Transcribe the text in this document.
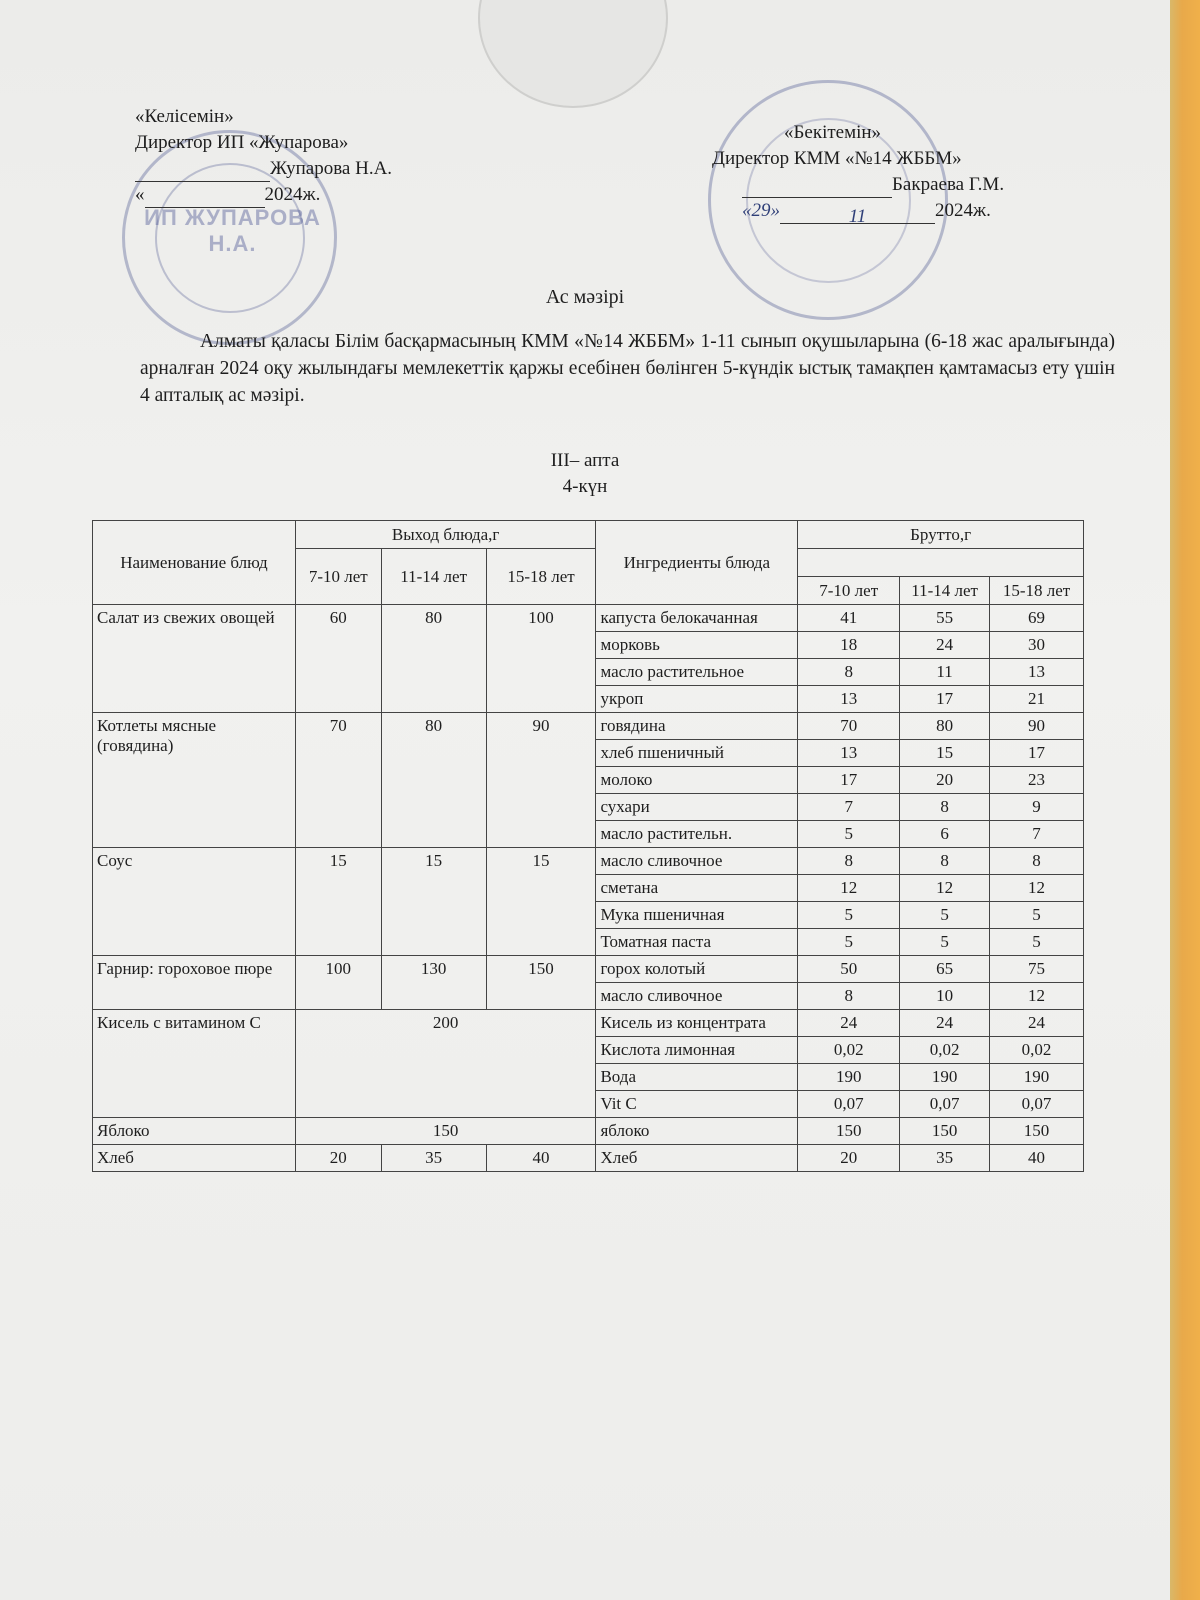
ИП ЖУПАРОВА Н.А.
«Келісемін»
Директор ИП «Жупарова»
Жупарова Н.А.
«	2024ж.
«Бекітемін»
Директор КММ «№14 ЖББМ»
Бакраева Г.М.
«29»	11	2024ж.
Ас мәзірі
Алматы қаласы Білім басқармасының КММ «№14 ЖББМ» 1-11 сынып оқушыларына (6-18 жас аралығында) арналған 2024 оқу жылындағы мемлекеттік қаржы есебінен бөлінген 5-күндік ыстық тамақпен қамтамасыз ету үшін 4 апталық ас мәзірі.
III– апта
4-күн
Наименование блюд	Выход блюда,г			Ингредиенты блюда	Брутто,г		
	7-10 лет	11-14 лет	15-18 лет				
					7-10 лет	11-14 лет	15-18 лет
Салат из свежих овощей	60	80	100	капуста белокачанная	41	55	69
				морковь	18	24	30
				масло растительное	8	11	13
				укроп	13	17	21
Котлеты мясные (говядина)	70	80	90	говядина	70	80	90
				хлеб пшеничный	13	15	17
				молоко	17	20	23
				сухари	7	8	9
				масло растительн.	5	6	7
Соус	15	15	15	масло сливочное	8	8	8
				сметана	12	12	12
				Мука пшеничная	5	5	5
				Томатная паста	5	5	5
Гарнир: гороховое пюре	100	130	150	горох колотый	50	65	75
				масло сливочное	8	10	12
Кисель с витамином С	200			Кисель из концентрата	24	24	24
				Кислота лимонная	0,02	0,02	0,02
				Вода	190	190	190
				Vit C	0,07	0,07	0,07
Яблоко	150			яблоко	150	150	150
Хлеб	20	35	40	Хлеб	20	35	40
